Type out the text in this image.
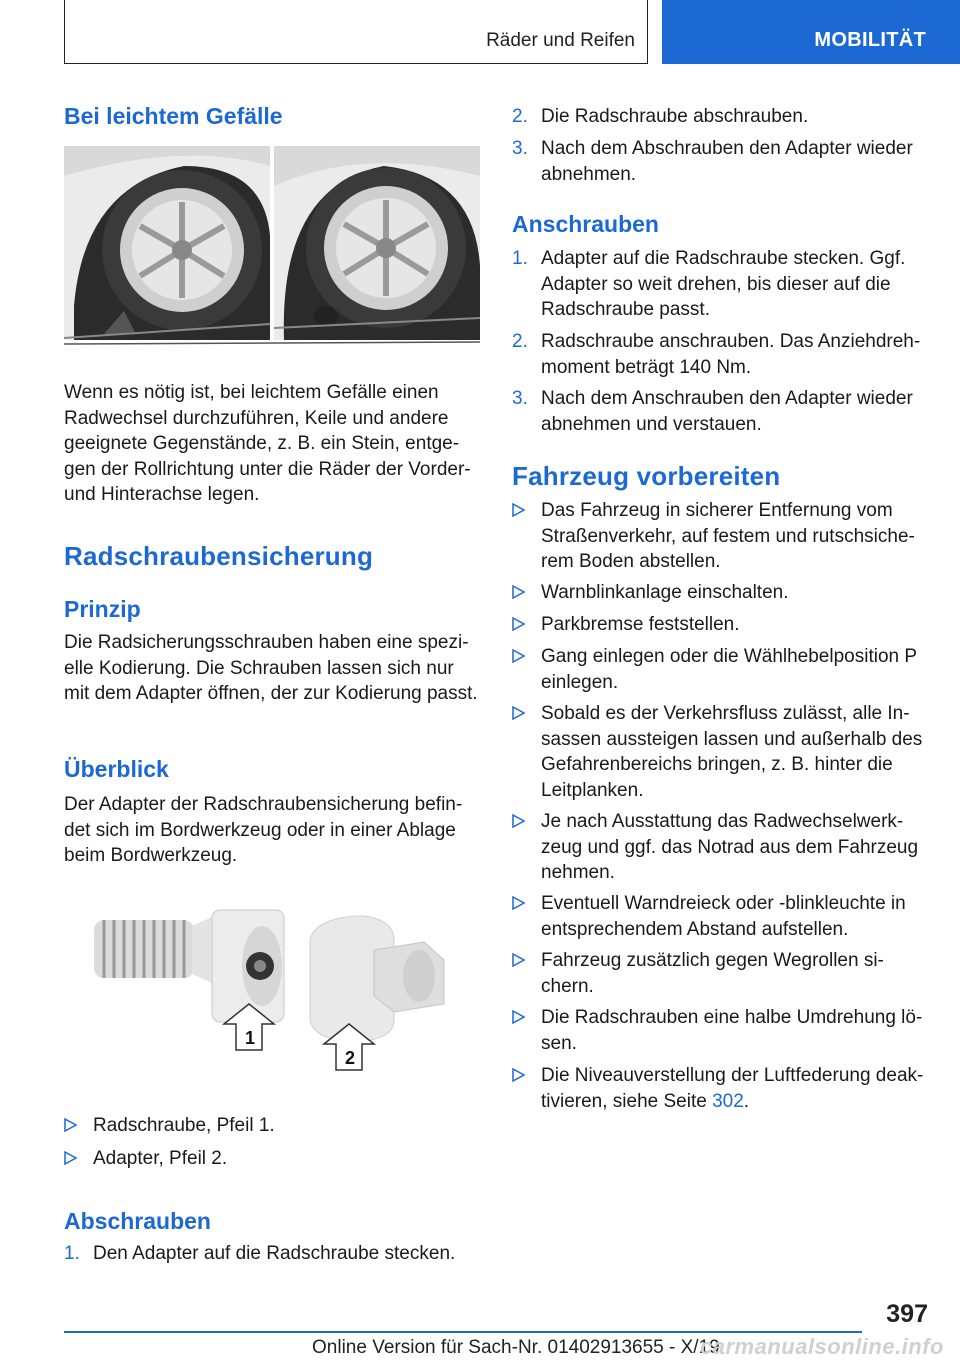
Räder und Reifen	MOBILITÄT
Bei leichtem Gefälle

Wenn es nötig ist, bei leichtem Gefälle einen Radwechsel durchzuführen, Keile und andere geeignete Gegenstände, z. B. ein Stein, entge-gen der Rollrichtung unter die Räder der Vorder- und Hinterachse legen.

Radschraubensicherung
Prinzip

Die Radsicherungsschrauben haben eine spezi-elle Kodierung. Die Schrauben lassen sich nur mit dem Adapter öffnen, der zur Kodierung passt.

Überblick

Der Adapter der Radschraubensicherung befin-det sich im Bordwerkzeug oder in einer Ablage beim Bordwerkzeug.

1
2
Radschraube, Pfeil 1.
Adapter, Pfeil 2.
Abschrauben
1. Den Adapter auf die Radschraube stecken.
2. Die Radschraube abschrauben.
3. Nach dem Abschrauben den Adapter wieder abnehmen.
Anschrauben
1. Adapter auf die Radschraube stecken. Ggf. Adapter so weit drehen, bis dieser auf die Radschraube passt.
2. Radschraube anschrauben. Das Anziehdreh-moment beträgt 140 Nm.
3. Nach dem Anschrauben den Adapter wieder abnehmen und verstauen.
Fahrzeug vorbereiten
Das Fahrzeug in sicherer Entfernung vom Straßenverkehr, auf festem und rutschsiche-rem Boden abstellen.
Warnblinkanlage einschalten.
Parkbremse feststellen.
Gang einlegen oder die Wählhebelposition P einlegen.
Sobald es der Verkehrsfluss zulässt, alle In-sassen aussteigen lassen und außerhalb des Gefahrenbereichs bringen, z. B. hinter die Leitplanken.
Je nach Ausstattung das Radwechselwerk-zeug und ggf. das Notrad aus dem Fahrzeug nehmen.
Eventuell Warndreieck oder -blinkleuchte in entsprechendem Abstand aufstellen.
Fahrzeug zusätzlich gegen Wegrollen si-chern.
Die Radschrauben eine halbe Umdrehung lö-sen.
Die Niveauverstellung der Luftfederung deak-tivieren, siehe Seite 302.
397
Online Version für Sach-Nr. 01402913655 - X/19
carmanualsonline.info
